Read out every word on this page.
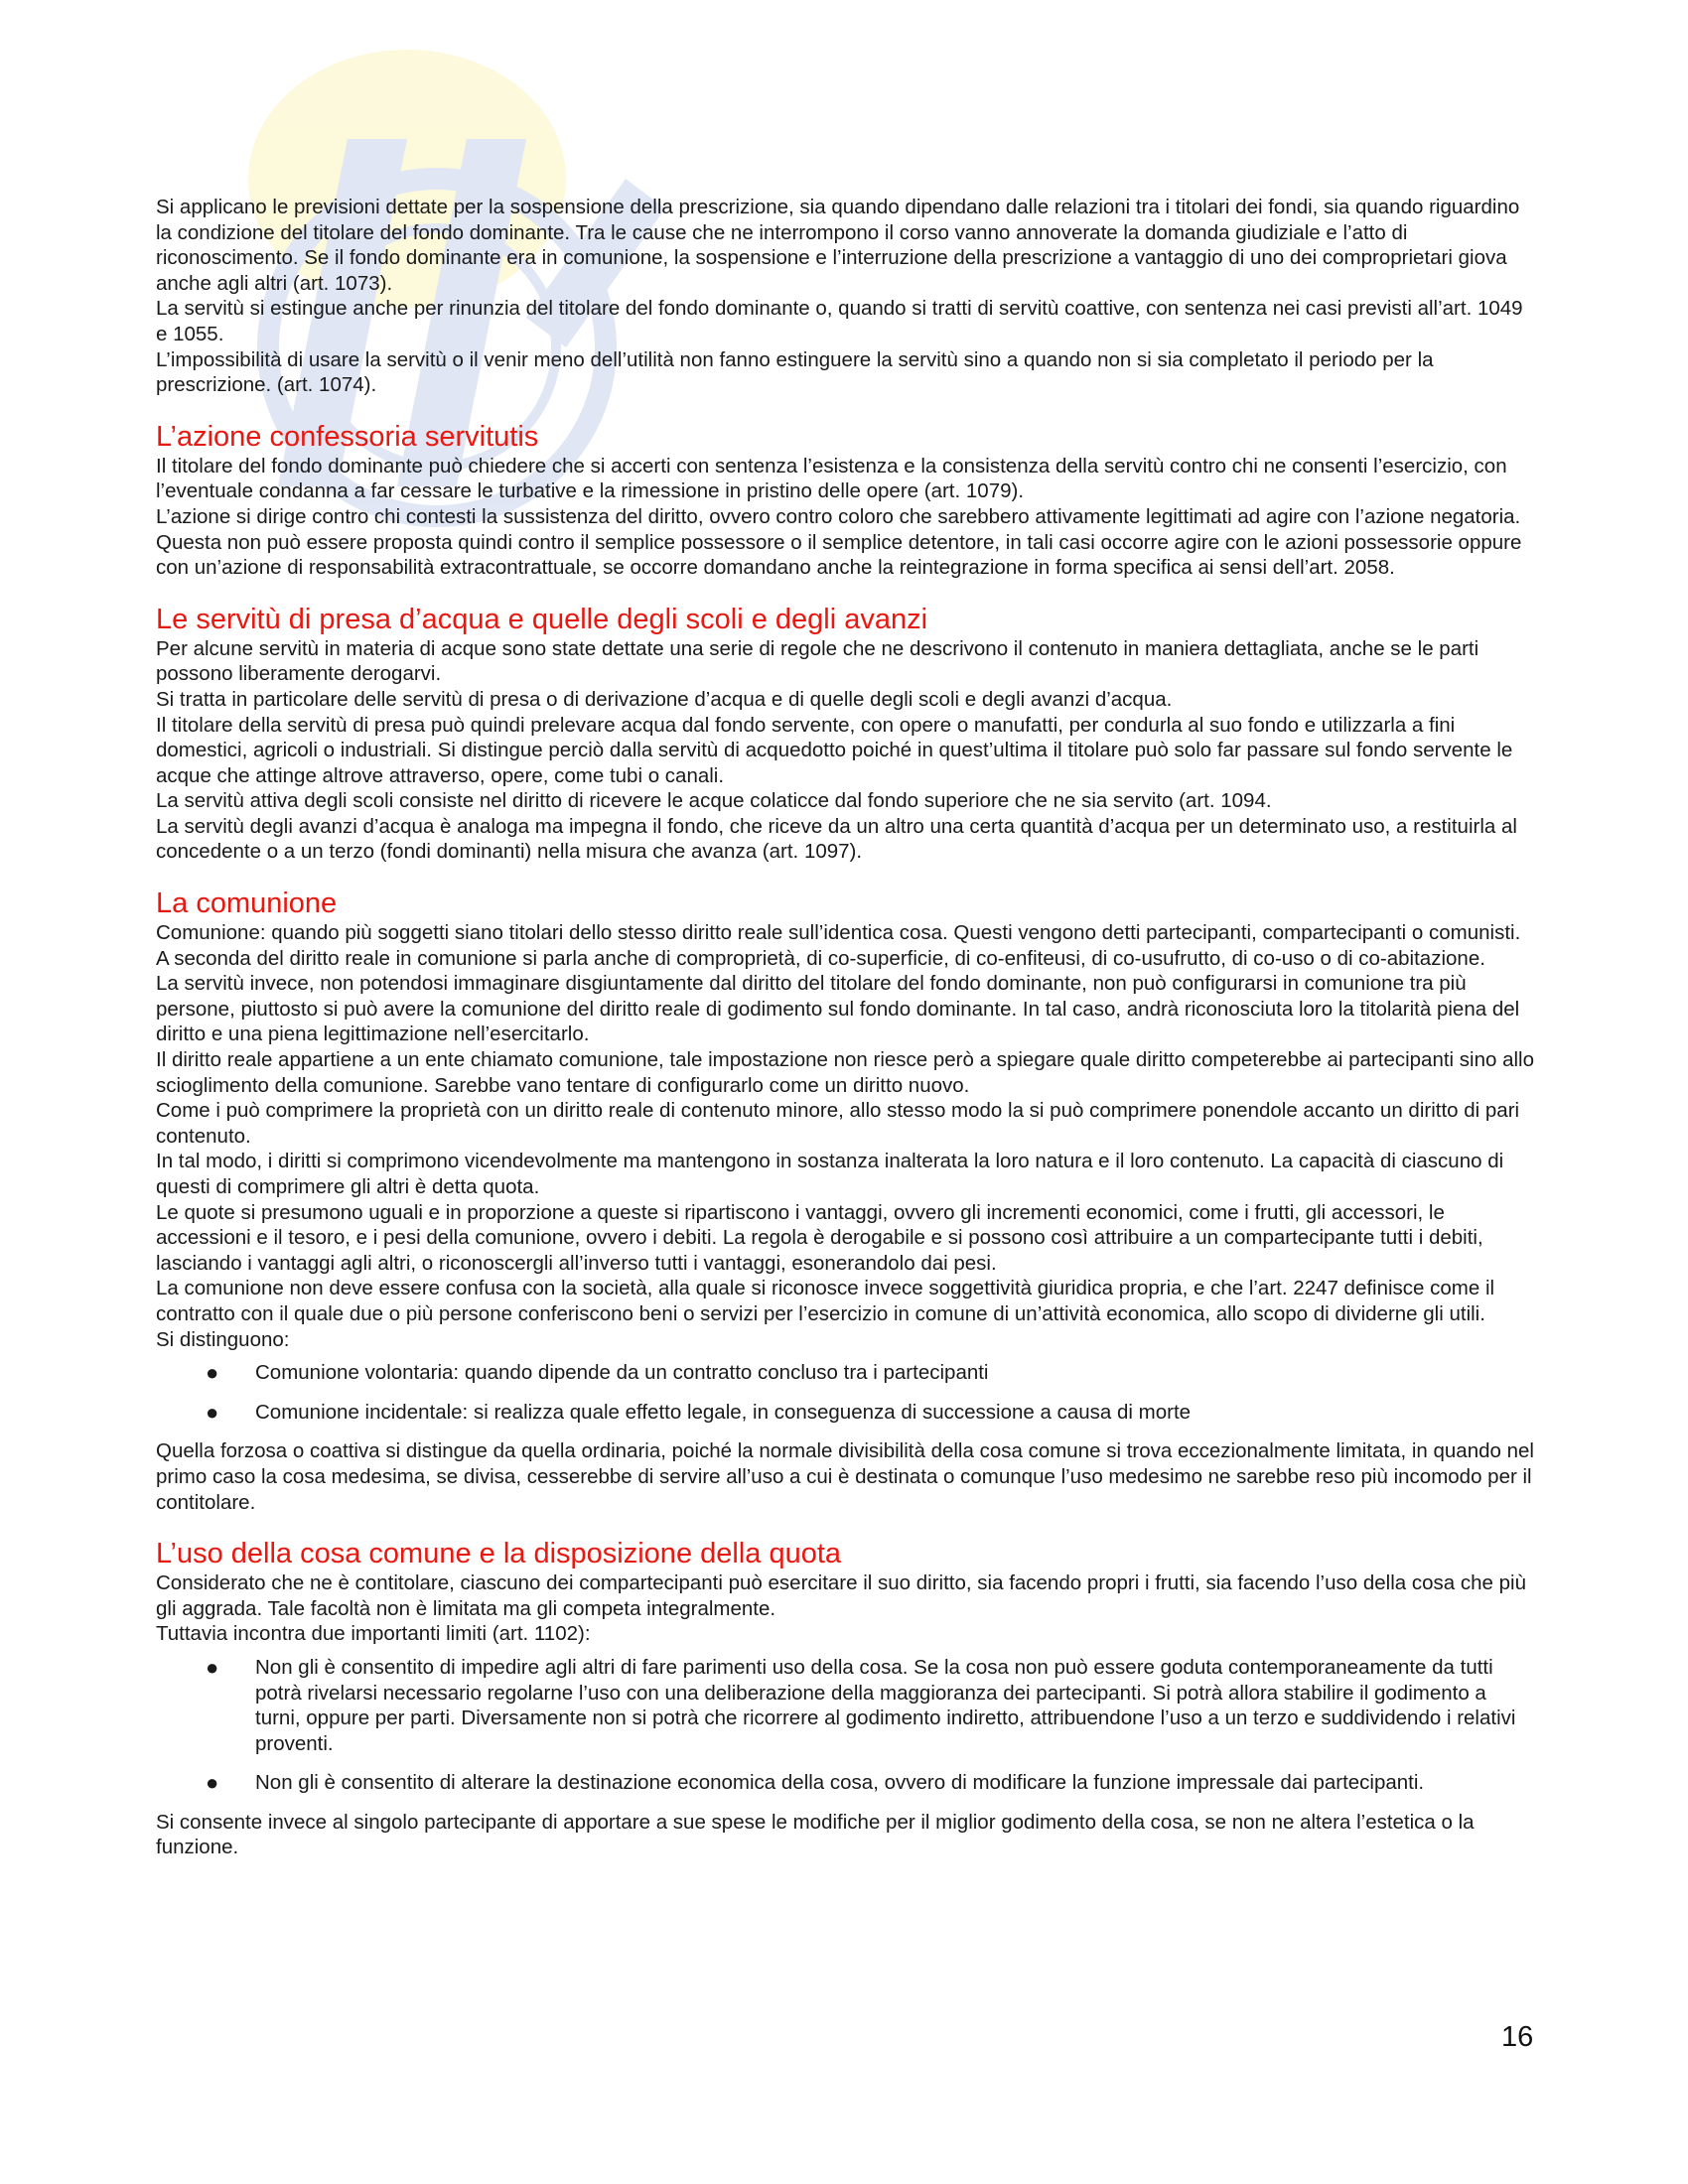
Si applicano le previsioni dettate per la sospensione della prescrizione, sia quando dipendano dalle relazioni tra i titolari dei fondi, sia quando riguardino la condizione del titolare del fondo dominante. Tra le cause che ne interrompono il corso vanno annoverate la domanda giudiziale e l’atto di riconoscimento. Se il fondo dominante era in comunione, la sospensione e l’interruzione della prescrizione a vantaggio di uno dei comproprietari giova anche agli altri (art. 1073).

La servitù si estingue anche per rinunzia del titolare del fondo dominante o, quando si tratti di servitù coattive, con sentenza nei casi previsti all’art. 1049 e 1055.

L’impossibilità di usare la servitù o il venir meno dell’utilità non fanno estinguere la servitù sino a quando non si sia completato il periodo per la prescrizione. (art. 1074).

L’azione confessoria servitutis

Il titolare del fondo dominante può chiedere che si accerti con sentenza l’esistenza e la consistenza della servitù contro chi ne consenti l’esercizio, con l’eventuale condanna a far cessare le turbative e la rimessione in pristino delle opere (art. 1079).

L’azione si dirige contro chi contesti la sussistenza del diritto, ovvero contro coloro che sarebbero attivamente legittimati ad agire con l’azione negatoria.

Questa non può essere proposta quindi contro il semplice possessore o il semplice detentore, in tali casi occorre agire con le azioni possessorie oppure con un’azione di responsabilità extracontrattuale, se occorre domandano anche la reintegrazione in forma specifica ai sensi dell’art. 2058.

Le servitù di presa d’acqua e quelle degli scoli e degli avanzi

Per alcune servitù in materia di acque sono state dettate una serie di regole che ne descrivono il contenuto in maniera dettagliata, anche se le parti possono liberamente derogarvi.

Si tratta in particolare delle servitù di presa o di derivazione d’acqua e di quelle degli scoli e degli avanzi d’acqua.

Il titolare della servitù di presa può quindi prelevare acqua dal fondo servente, con opere o manufatti, per condurla al suo fondo e utilizzarla a fini domestici, agricoli o industriali. Si distingue perciò dalla servitù di acquedotto poiché in quest’ultima il titolare può solo far passare sul fondo servente le acque che attinge altrove attraverso, opere, come tubi o canali.

La servitù attiva degli scoli consiste nel diritto di ricevere le acque colaticce dal fondo superiore che ne sia servito (art. 1094.

La servitù degli avanzi d’acqua è analoga ma impegna il fondo, che riceve da un altro una certa quantità d’acqua per un determinato uso, a restituirla al concedente o a un terzo (fondi dominanti) nella misura che avanza (art. 1097).

La comunione

Comunione: quando più soggetti siano titolari dello stesso diritto reale sull’identica cosa. Questi vengono detti partecipanti, compartecipanti o comunisti. A seconda del diritto reale in comunione si parla anche di comproprietà, di co-superficie, di co-enfiteusi, di co-usufrutto, di co-uso o di co-abitazione.

La servitù invece, non potendosi immaginare disgiuntamente dal diritto del titolare del fondo dominante, non può configurarsi in comunione tra più persone, piuttosto si può avere la comunione del diritto reale di godimento sul fondo dominante. In tal caso, andrà riconosciuta loro la titolarità piena del diritto e una piena legittimazione nell’esercitarlo.

Il diritto reale appartiene a un ente chiamato comunione, tale impostazione non riesce però a spiegare quale diritto competerebbe ai partecipanti sino allo scioglimento della comunione. Sarebbe vano tentare di configurarlo come un diritto nuovo.

Come i può comprimere la proprietà con un diritto reale di contenuto minore, allo stesso modo la si può comprimere ponendole accanto un diritto di pari contenuto.

In tal modo, i diritti si comprimono vicendevolmente ma mantengono in sostanza inalterata la loro natura e il loro contenuto. La capacità di ciascuno di questi di comprimere gli altri è detta quota.

Le quote si presumono uguali e in proporzione a queste si ripartiscono i vantaggi, ovvero gli incrementi economici, come i frutti, gli accessori, le accessioni e il tesoro, e i pesi della comunione, ovvero i debiti. La regola è derogabile e si possono così attribuire a un compartecipante tutti i debiti, lasciando i vantaggi agli altri, o riconoscergli all’inverso tutti i vantaggi, esonerandolo dai pesi.

La comunione non deve essere confusa con la società, alla quale si riconosce invece soggettività giuridica propria, e che l’art. 2247 definisce come il contratto con il quale due o più persone conferiscono beni o servizi per l’esercizio in comune di un’attività economica, allo scopo di dividerne gli utili.

Si distinguono:

● Comunione volontaria: quando dipende da un contratto concluso tra i partecipanti
● Comunione incidentale: si realizza quale effetto legale, in conseguenza di successione a causa di morte

Quella forzosa o coattiva si distingue da quella ordinaria, poiché la normale divisibilità della cosa comune si trova eccezionalmente limitata, in quando nel primo caso la cosa medesima, se divisa, cesserebbe di servire all’uso a cui è destinata o comunque l’uso medesimo ne sarebbe reso più incomodo per il contitolare.

L’uso della cosa comune e la disposizione della quota

Considerato che ne è contitolare, ciascuno dei compartecipanti può esercitare il suo diritto, sia facendo propri i frutti, sia facendo l’uso della cosa che più gli aggrada. Tale facoltà non è limitata ma gli competa integralmente.

Tuttavia incontra due importanti limiti (art. 1102):

● Non gli è consentito di impedire agli altri di fare parimenti uso della cosa. Se la cosa non può essere goduta contemporaneamente da tutti potrà rivelarsi necessario regolarne l’uso con una deliberazione della maggioranza dei partecipanti. Si potrà allora stabilire il godimento a turni, oppure per parti. Diversamente non si potrà che ricorrere al godimento indiretto, attribuendone l’uso a un terzo e suddividendo i relativi proventi.
● Non gli è consentito di alterare la destinazione economica della cosa, ovvero di modificare la funzione impressale dai partecipanti.

Si consente invece al singolo partecipante di apportare a sue spese le modifiche per il miglior godimento della cosa, se non ne altera l’estetica o la funzione.

16
